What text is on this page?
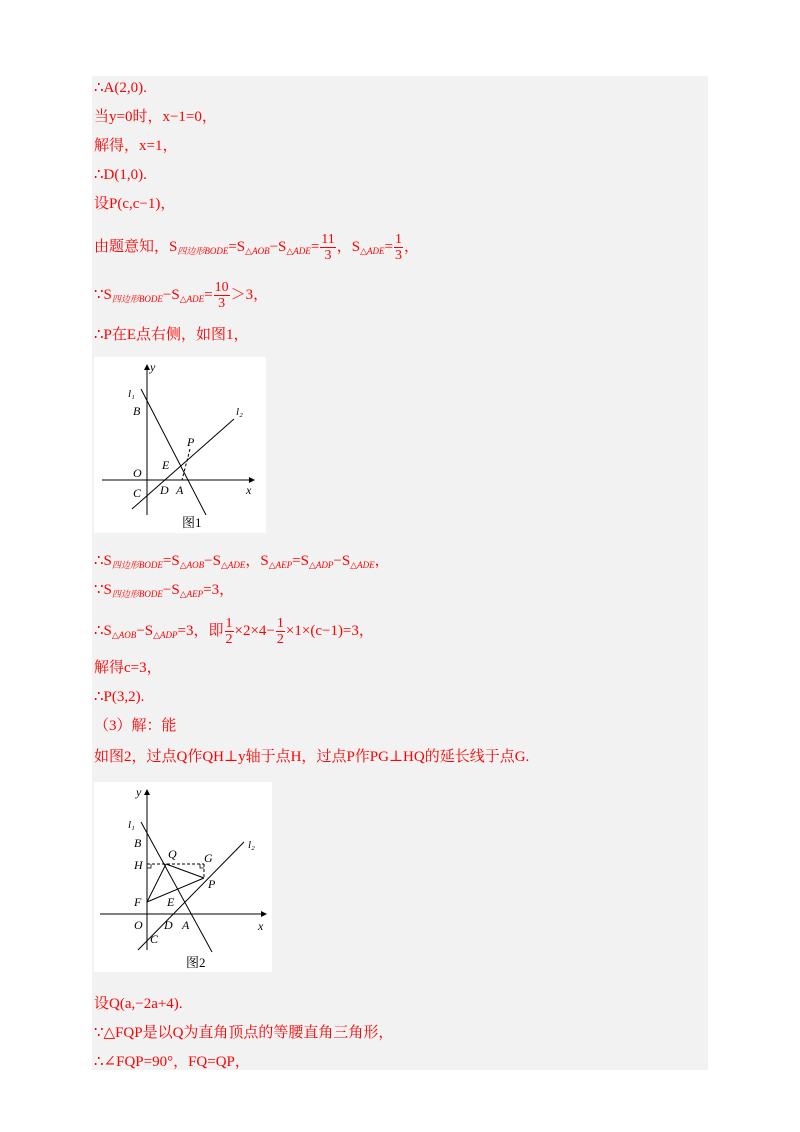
∴A(2,0).
当y=0时，x−1=0，
解得，x=1，
∴D(1,0).
设P(c,c−1)，
由题意知，$S_{四边形BODE}=S_{\triangle AOB}-S_{\triangle ADE}= \frac{11}{3}$ ，$S_{\triangle ADE}= \frac{1}{3}$ ，
$\because S_{四边形BODE}-S_{\triangle ADE}= \frac{10}{3} >3$，
∴P在E点右侧，如图1，
y
x
l₁
l₂
B
P
E
O
C D A
图1
$\therefore S_{四边形BODE}=S_{\triangle AOB}-S_{\triangle ADE}$，$S_{\triangle AEP}=S_{\triangle ADP}-S_{\triangle ADE}$，
$\because S_{四边形BODE}-S_{\triangle AEP}=3$，
$\therefore S_{\triangle AOB}-S_{\triangle ADP}=3$，即 $\frac{1}{2} \times 2\times 4- \frac{1}{2} \times 1\times(c-1)=3$，
解得c=3，
∴P(3,2).
（3）解：能
如图2，过点Q作QH⊥y轴于点H，过点P作PG⊥HQ的延长线于点G.
y
x
l₁
l₂
B
H
Q G
P
F E
O D A
C
图2
设Q(a,−2a+4).
∵△FQP是以Q为直角顶点的等腰直角三角形，
∴∠FQP=90°，FQ=QP，
